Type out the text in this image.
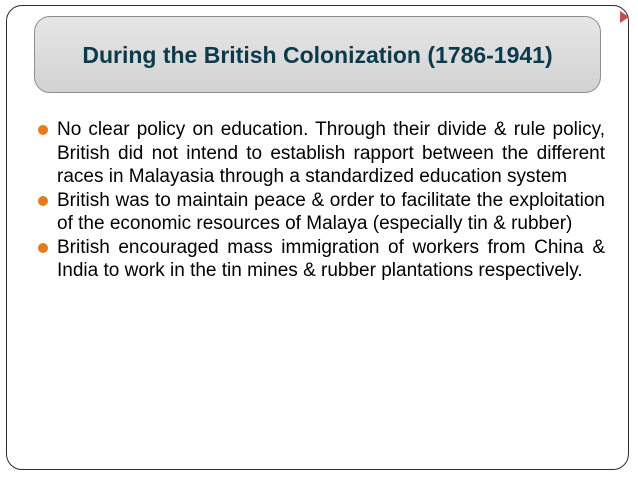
During the British Colonization (1786-1941)
No clear policy on education. Through their divide & rule policy, British did not intend to establish rapport between the different races in Malayasia through a standardized education system
British was to maintain peace & order to facilitate the exploitation of the economic resources of Malaya (especially tin & rubber)
British encouraged mass immigration of workers from China & India to work in the tin mines & rubber plantations respectively.
